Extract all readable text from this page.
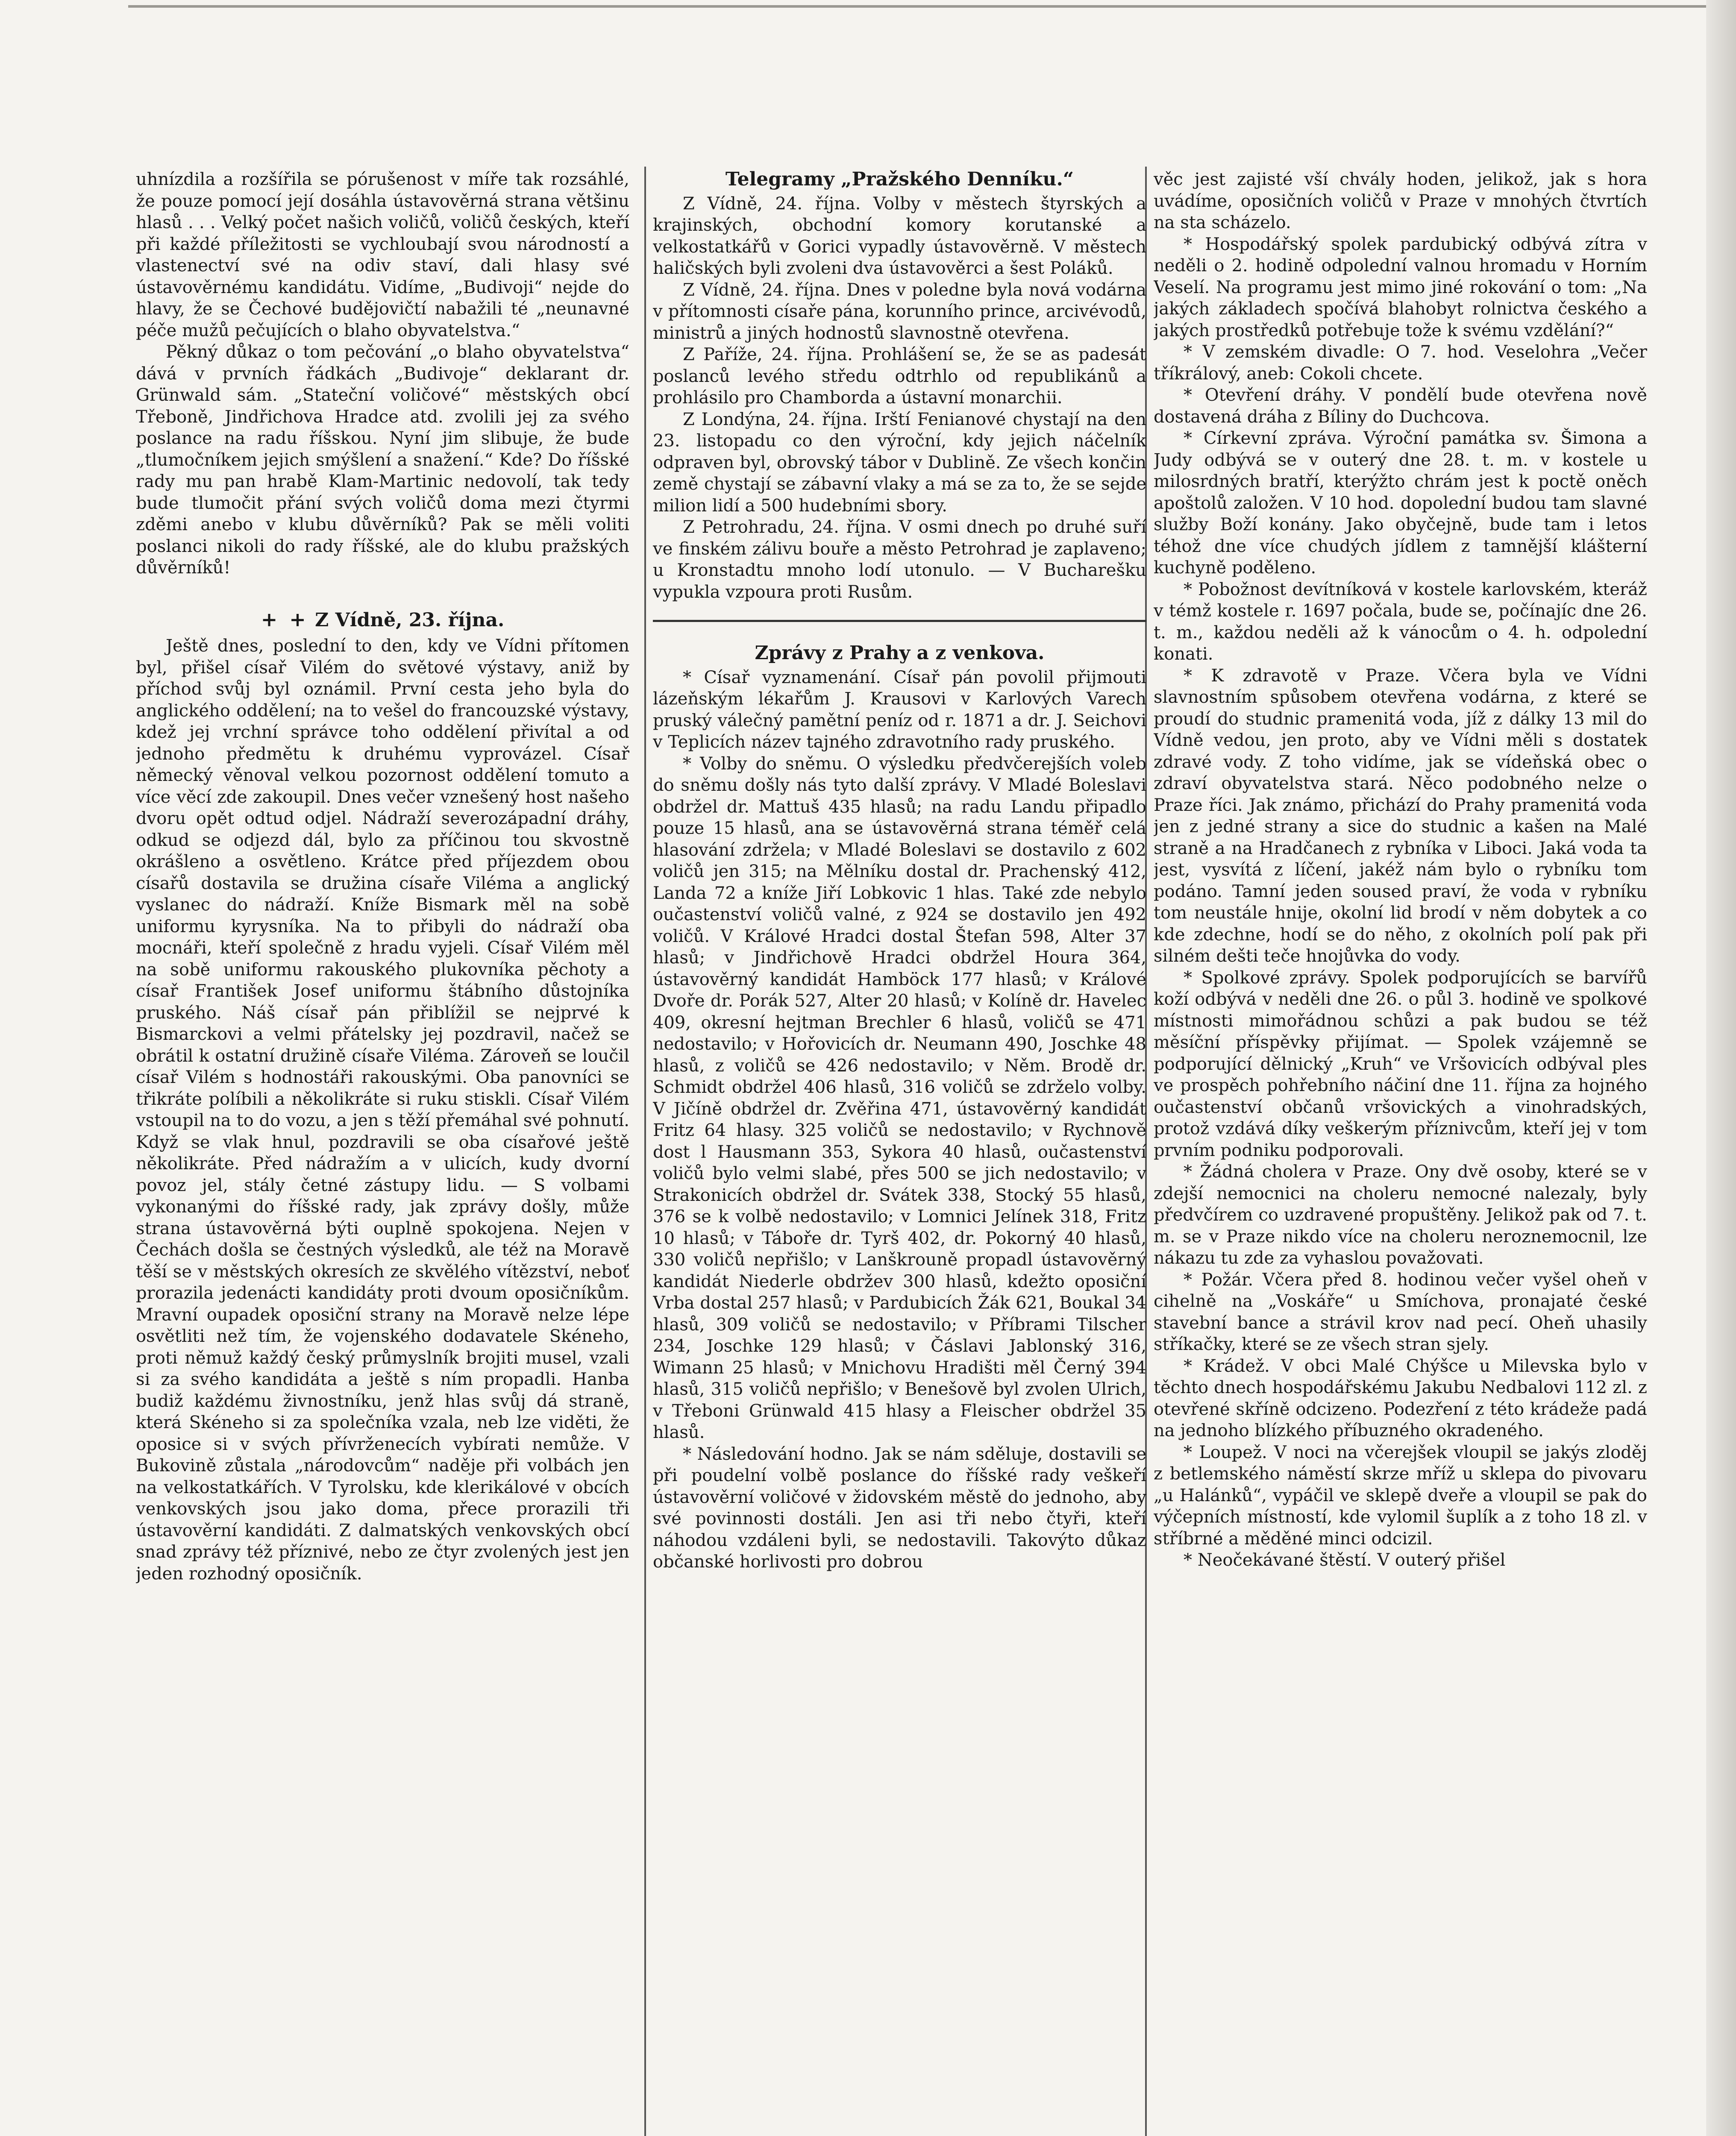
uhnízdila a rozšířila se pórušenost v míře tak rozsáhlé, že pouze pomocí její dosáhla ústavověrná strana většinu hlasů . . . Velký počet našich voličů, voličů českých, kteří při každé příležitosti se vychloubají svou národností a vlastenectví své na odiv staví, dali hlasy své ústavověrnému kandidátu. Vidíme, „Budivoji“ nejde do hlavy, že se Čechové budějovičtí nabažili té „neunavné péče mužů pečujících o blaho obyvatelstva.“

Pěkný důkaz o tom pečování „o blaho obyvatelstva“ dává v prvních řádkách „Budivoje“ deklarant dr. Grünwald sám. „Stateční voličové“ městských obcí Třeboně, Jindřichova Hradce atd. zvolili jej za svého poslance na radu říšskou. Nyní jim slibuje, že bude „tlumočníkem jejich smýšlení a snažení.“ Kde? Do říšské rady mu pan hrabě Klam-Martinic nedovolí, tak tedy bude tlumočit přání svých voličů doma mezi čtyrmi zděmi anebo v klubu důvěrníků? Pak se měli voliti poslanci nikoli do rady říšské, ale do klubu pražských důvěrníků!

+ + Z Vídně, 23. října.

Ještě dnes, poslední to den, kdy ve Vídni přítomen byl, přišel císař Vilém do světové výstavy, aniž by příchod svůj byl oznámil. První cesta jeho byla do anglického oddělení; na to vešel do francouzské výstavy, kdež jej vrchní správce toho oddělení přivítal a od jednoho předmětu k druhému vyprovázel. Císař německý věnoval velkou pozornost oddělení tomuto a více věcí zde zakoupil. Dnes večer vznešený host našeho dvoru opět odtud odjel. Nádraží severozápadní dráhy, odkud se odjezd dál, bylo za příčinou tou skvostně okrášleno a osvětleno. Krátce před příjezdem obou císařů dostavila se družina císaře Viléma a anglický vyslanec do nádraží. Kníže Bismark měl na sobě uniformu kyrysníka. Na to přibyli do nádraží oba mocnáři, kteří společně z hradu vyjeli. Císař Vilém měl na sobě uniformu rakouského plukovníka pěchoty a císař František Josef uniformu štábního důstojníka pruského. Náš císař pán přiblížil se nejprvé k Bismarckovi a velmi přátelsky jej pozdravil, načež se obrátil k ostatní družině císaře Viléma. Zároveň se loučil císař Vilém s hodnostáři rakouskými. Oba panovníci se třikráte políbili a několikráte si ruku stiskli. Císař Vilém vstoupil na to do vozu, a jen s těží přemáhal své pohnutí. Když se vlak hnul, pozdravili se oba císařové ještě několikráte. Před nádražím a v ulicích, kudy dvorní povoz jel, stály četné zástupy lidu. — S volbami vykonanými do říšské rady, jak zprávy došly, může strana ústavověrná býti ouplně spokojena. Nejen v Čechách došla se čestných výsledků, ale též na Moravě těší se v městských okresích ze skvělého vítězství, neboť prorazila jedenácti kandidáty proti dvoum oposičníkům. Mravní oupadek oposiční strany na Moravě nelze lépe osvětliti než tím, že vojenského dodavatele Skéneho, proti němuž každý český průmyslník brojiti musel, vzali si za svého kandidáta a ještě s ním propadli. Hanba budiž každému živnostníku, jenž hlas svůj dá straně, která Skéneho si za společníka vzala, neb lze viděti, že oposice si v svých přívrženecích vybírati nemůže. V Bukovině zůstala „národovcům“ naděje při volbách jen na velkostatkářích. V Tyrolsku, kde klerikálové v obcích venkovských jsou jako doma, přece prorazili tři ústavověrní kandidáti. Z dalmatských venkovských obcí snad zprávy též příznivé, nebo ze čtyr zvolených jest jen jeden rozhodný oposičník.

Telegramy „Pražského Denníku.“

Z Vídně, 24. října. Volby v městech štyrských a krajinských, obchodní komory korutanské a velkostatkářů v Gorici vypadly ústavověrně. V městech haličských byli zvoleni dva ústavověrci a šest Poláků.

Z Vídně, 24. října. Dnes v poledne byla nová vodárna v přítomnosti císaře pána, korunního prince, arcivévodů, ministrů a jiných hodnostů slavnostně otevřena.

Z Paříže, 24. října. Prohlášení se, že se as padesát poslanců levého středu odtrhlo od republikánů a prohlásilo pro Chamborda a ústavní monarchii.

Z Londýna, 24. října. Irští Fenianové chystají na den 23. listopadu co den výroční, kdy jejich náčelník odpraven byl, obrovský tábor v Dublině. Ze všech končin země chystají se zábavní vlaky a má se za to, že se sejde milion lidí a 500 hudebními sbory.

Z Petrohradu, 24. října. V osmi dnech po druhé suří ve finském zálivu bouře a město Petrohrad je zaplaveno; u Kronstadtu mnoho lodí utonulo. — V Bucharešku vypukla vzpoura proti Rusům.

Zprávy z Prahy a z venkova.

* Císař vyznamenání. Císař pán povolil přijmouti lázeňským lékařům J. Krausovi v Karlových Varech pruský válečný pamětní peníz od r. 1871 a dr. J. Seichovi v Teplicích název tajného zdravotního rady pruského.

* Volby do sněmu. O výsledku předvčerejších voleb do sněmu došly nás tyto další zprávy. V Mladé Boleslavi obdržel dr. Mattuš 435 hlasů; na radu Landu připadlo pouze 15 hlasů, ana se ústavověrná strana téměř celá hlasování zdržela; v Mladé Boleslavi se dostavilo z 602 voličů jen 315; na Mělníku dostal dr. Prachenský 412, Landa 72 a kníže Jiří Lobkovic 1 hlas. Také zde nebylo oučastenství voličů valné, z 924 se dostavilo jen 492 voličů. V Králové Hradci dostal Štefan 598, Alter 37 hlasů; v Jindřichově Hradci obdržel Houra 364, ústavověrný kandidát Hamböck 177 hlasů; v Králové Dvoře dr. Porák 527, Alter 20 hlasů; v Kolíně dr. Havelec 409, okresní hejtman Brechler 6 hlasů, voličů se 471 nedostavilo; v Hořovicích dr. Neumann 490, Joschke 48 hlasů, z voličů se 426 nedostavilo; v Něm. Brodě dr. Schmidt obdržel 406 hlasů, 316 voličů se zdrželo volby. V Jičíně obdržel dr. Zvěřina 471, ústavověrný kandidát Fritz 64 hlasy. 325 voličů se nedostavilo; v Rychnově dost l Hausmann 353, Sykora 40 hlasů, oučastenství voličů bylo velmi slabé, přes 500 se jich nedostavilo; v Strakonicích obdržel dr. Svátek 338, Stocký 55 hlasů, 376 se k volbě nedostavilo; v Lomnici Jelínek 318, Fritz 10 hlasů; v Táboře dr. Tyrš 402, dr. Pokorný 40 hlasů, 330 voličů nepřišlo; v Lanškrouně propadl ústavověrný kandidát Niederle obdržev 300 hlasů, kdežto oposiční Vrba dostal 257 hlasů; v Pardubicích Žák 621, Boukal 34 hlasů, 309 voličů se nedostavilo; v Příbrami Tilscher 234, Joschke 129 hlasů; v Čáslavi Jablonský 316, Wimann 25 hlasů; v Mnichovu Hradišti měl Černý 394 hlasů, 315 voličů nepřišlo; v Benešově byl zvolen Ulrich, v Třeboni Grünwald 415 hlasy a Fleischer obdržel 35 hlasů.

* Následování hodno. Jak se nám sděluje, dostavili se při poudelní volbě poslance do říšské rady veškeří ústavověrní voličové v židovském městě do jednoho, aby své povinnosti dostáli. Jen asi tři nebo čtyři, kteří náhodou vzdáleni byli, se nedostavili. Takovýto důkaz občanské horlivosti pro dobrou

věc jest zajisté vší chvály hoden, jelikož, jak s hora uvádíme, oposičních voličů v Praze v mnohých čtvrtích na sta scházelo.

* Hospodářský spolek pardubický odbývá zítra v neděli o 2. hodině odpolední valnou hromadu v Horním Veselí. Na programu jest mimo jiné rokování o tom: „Na jakých základech spočívá blahobyt rolnictva českého a jakých prostředků potřebuje tože k svému vzdělání?“

* V zemském divadle: O 7. hod. Veselohra „Večer tříkrálový, aneb: Cokoli chcete.

* Otevření dráhy. V pondělí bude otevřena nově dostavená dráha z Bíliny do Duchcova.

* Církevní zpráva. Výroční památka sv. Šimona a Judy odbývá se v outerý dne 28. t. m. v kostele u milosrdných bratří, kterýžto chrám jest k poctě oněch apoštolů založen. V 10 hod. dopolední budou tam slavné služby Boží konány. Jako obyčejně, bude tam i letos téhož dne více chudých jídlem z tamnější klášterní kuchyně poděleno.

* Pobožnost devítníková v kostele karlovském, kteráž v témž kostele r. 1697 počala, bude se, počínajíc dne 26. t. m., každou neděli až k vánocům o 4. h. odpolední konati.

* K zdravotě v Praze. Včera byla ve Vídni slavnostním spůsobem otevřena vodárna, z které se proudí do studnic pramenitá voda, jíž z dálky 13 mil do Vídně vedou, jen proto, aby ve Vídni měli s dostatek zdravé vody. Z toho vidíme, jak se vídeňská obec o zdraví obyvatelstva stará. Něco podobného nelze o Praze říci. Jak známo, přichází do Prahy pramenitá voda jen z jedné strany a sice do studnic a kašen na Malé straně a na Hradčanech z rybníka v Liboci. Jaká voda ta jest, vysvítá z líčení, jakéž nám bylo o rybníku tom podáno. Tamní jeden soused praví, že voda v rybníku tom neustále hnije, okolní lid brodí v něm dobytek a co kde zdechne, hodí se do něho, z okolních polí pak při silném dešti teče hnojůvka do vody.

* Spolkové zprávy. Spolek podporujících se barvířů koží odbývá v neděli dne 26. o půl 3. hodině ve spolkové místnosti mimořádnou schůzi a pak budou se též měsíční příspěvky přijímat. — Spolek vzájemně se podporující dělnický „Kruh“ ve Vršovicích odbýval ples ve prospěch pohřebního náčiní dne 11. října za hojného oučastenství občanů vršovických a vinohradských, protož vzdává díky veškerým příznivcům, kteří jej v tom prvním podniku podporovali.

* Žádná cholera v Praze. Ony dvě osoby, které se v zdejší nemocnici na choleru nemocné nalezaly, byly předvčírem co uzdravené propuštěny. Jelikož pak od 7. t. m. se v Praze nikdo více na choleru neroznemocnil, lze nákazu tu zde za vyhaslou považovati.

* Požár. Včera před 8. hodinou večer vyšel oheň v cihelně na „Voskáře“ u Smíchova, pronajaté české stavební bance a strávil krov nad pecí. Oheň uhasily stříkačky, které se ze všech stran sjely.

* Krádež. V obci Malé Chýšce u Milevska bylo v těchto dnech hospodářskému Jakubu Nedbalovi 112 zl. z otevřené skříně odcizeno. Podezření z této krádeže padá na jednoho blízkého příbuzného okradeného.

* Loupež. V noci na včerejšek vloupil se jakýs zloděj z betlemského náměstí skrze mříž u sklepa do pivovaru „u Halánků“, vypáčil ve sklepě dveře a vloupil se pak do výčepních místností, kde vylomil šuplík a z toho 18 zl. v stříbrné a měděné minci odcizil.

* Neočekávané štěstí. V outerý přišel
